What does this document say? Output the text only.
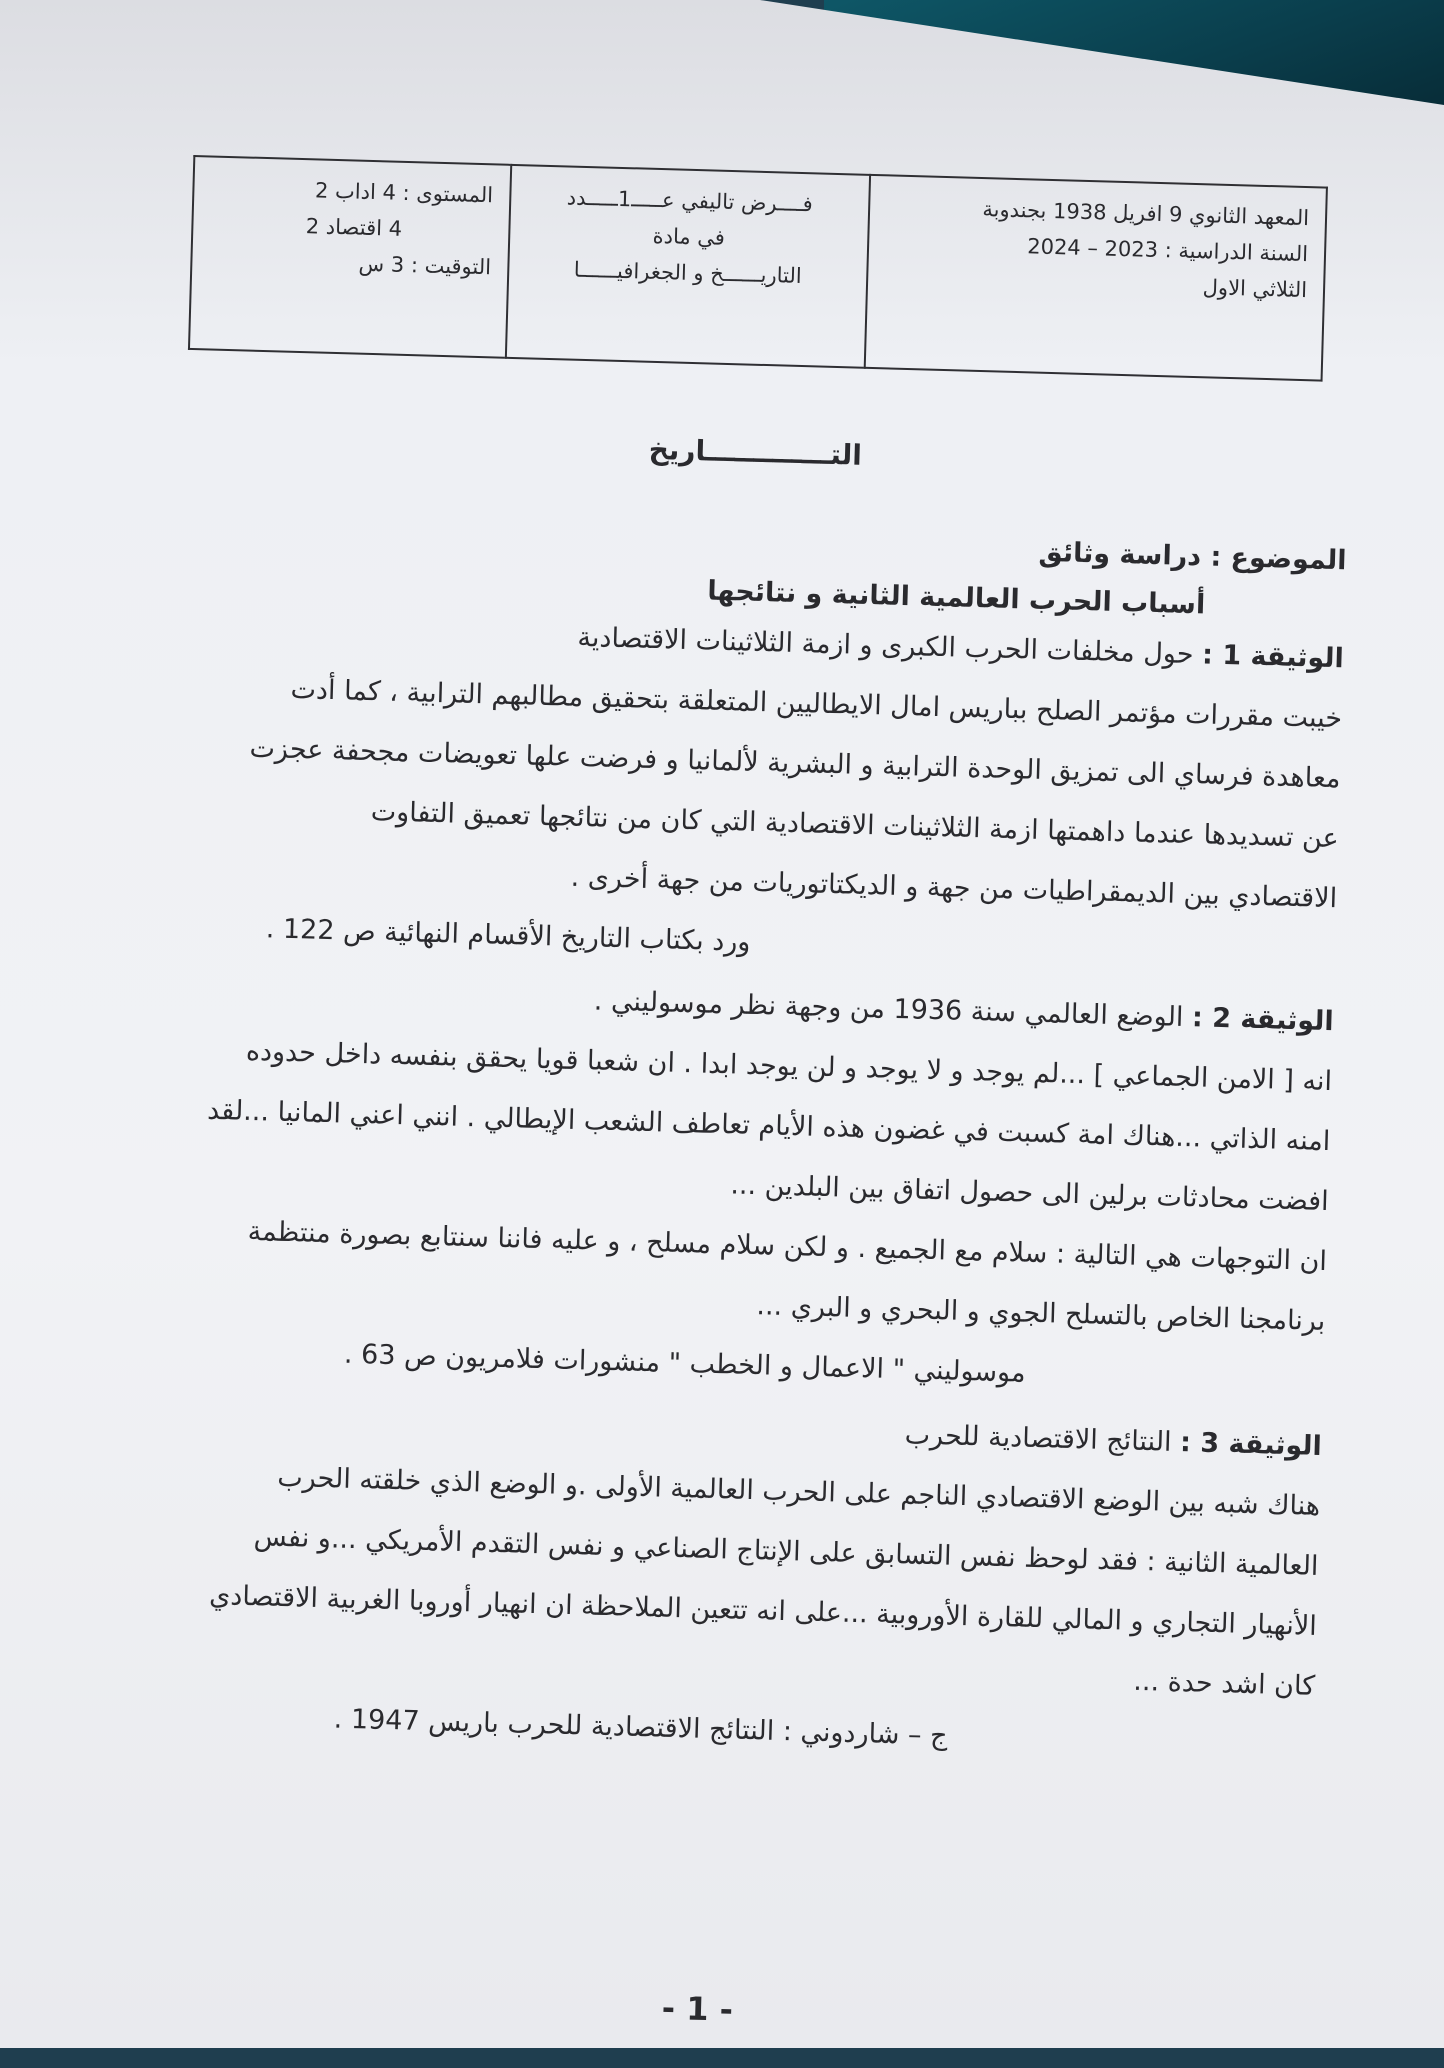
المعهد الثانوي 9 افريل 1938 بجندوبة
السنة الدراسية : 2023 – 2024
الثلاثي الاول

فــــرض تاليفي عـــــ1ـــــدد
في مادة
التاريــــــخ و الجغرافيــــــا

المستوى : 4 اداب 2
4 اقتصاد 2
التوقيت : 3 س
التـــــــــــــاريخ
الموضوع : دراسة وثائق
أسباب الحرب العالمية الثانية و نتائجها
الوثيقة 1 : حول مخلفات الحرب الكبرى و ازمة الثلاثينات الاقتصادية
خيبت مقررات مؤتمر الصلح بباريس امال الايطاليين المتعلقة بتحقيق مطالبهم الترابية ، كما أدت
معاهدة فرساي الى تمزيق الوحدة الترابية و البشرية لألمانيا و فرضت علها تعويضات مجحفة عجزت
عن تسديدها عندما داهمتها ازمة الثلاثينات الاقتصادية التي كان من نتائجها تعميق التفاوت
الاقتصادي بين الديمقراطيات من جهة و الديكتاتوريات من جهة أخرى .
ورد بكتاب التاريخ الأقسام النهائية ص 122 .
الوثيقة 2 : الوضع العالمي سنة 1936 من وجهة نظر موسوليني .
انه [ الامن الجماعي ] ...لم يوجد و لا يوجد و لن يوجد ابدا . ان شعبا قويا يحقق بنفسه داخل حدوده
امنه الذاتي ...هناك امة كسبت في غضون هذه الأيام تعاطف الشعب الإيطالي . انني اعني المانيا ...لقد
افضت محادثات برلين الى حصول اتفاق بين البلدين ...
ان التوجهات هي التالية : سلام مع الجميع . و لكن سلام مسلح ، و عليه فاننا سنتابع بصورة منتظمة
برنامجنا الخاص بالتسلح الجوي و البحري و البري ...
موسوليني " الاعمال و الخطب " منشورات فلامريون ص 63 .
الوثيقة 3 : النتائج الاقتصادية للحرب
هناك شبه بين الوضع الاقتصادي الناجم على الحرب العالمية الأولى .و الوضع الذي خلقته الحرب
العالمية الثانية : فقد لوحظ نفس التسابق على الإنتاج الصناعي و نفس التقدم الأمريكي ...و نفس
الأنهيار التجاري و المالي للقارة الأوروبية ...على انه تتعين الملاحظة ان انهيار أوروبا الغربية الاقتصادي
كان اشد حدة ...
ج – شاردوني : النتائج الاقتصادية للحرب باريس 1947 .
- 1 -
